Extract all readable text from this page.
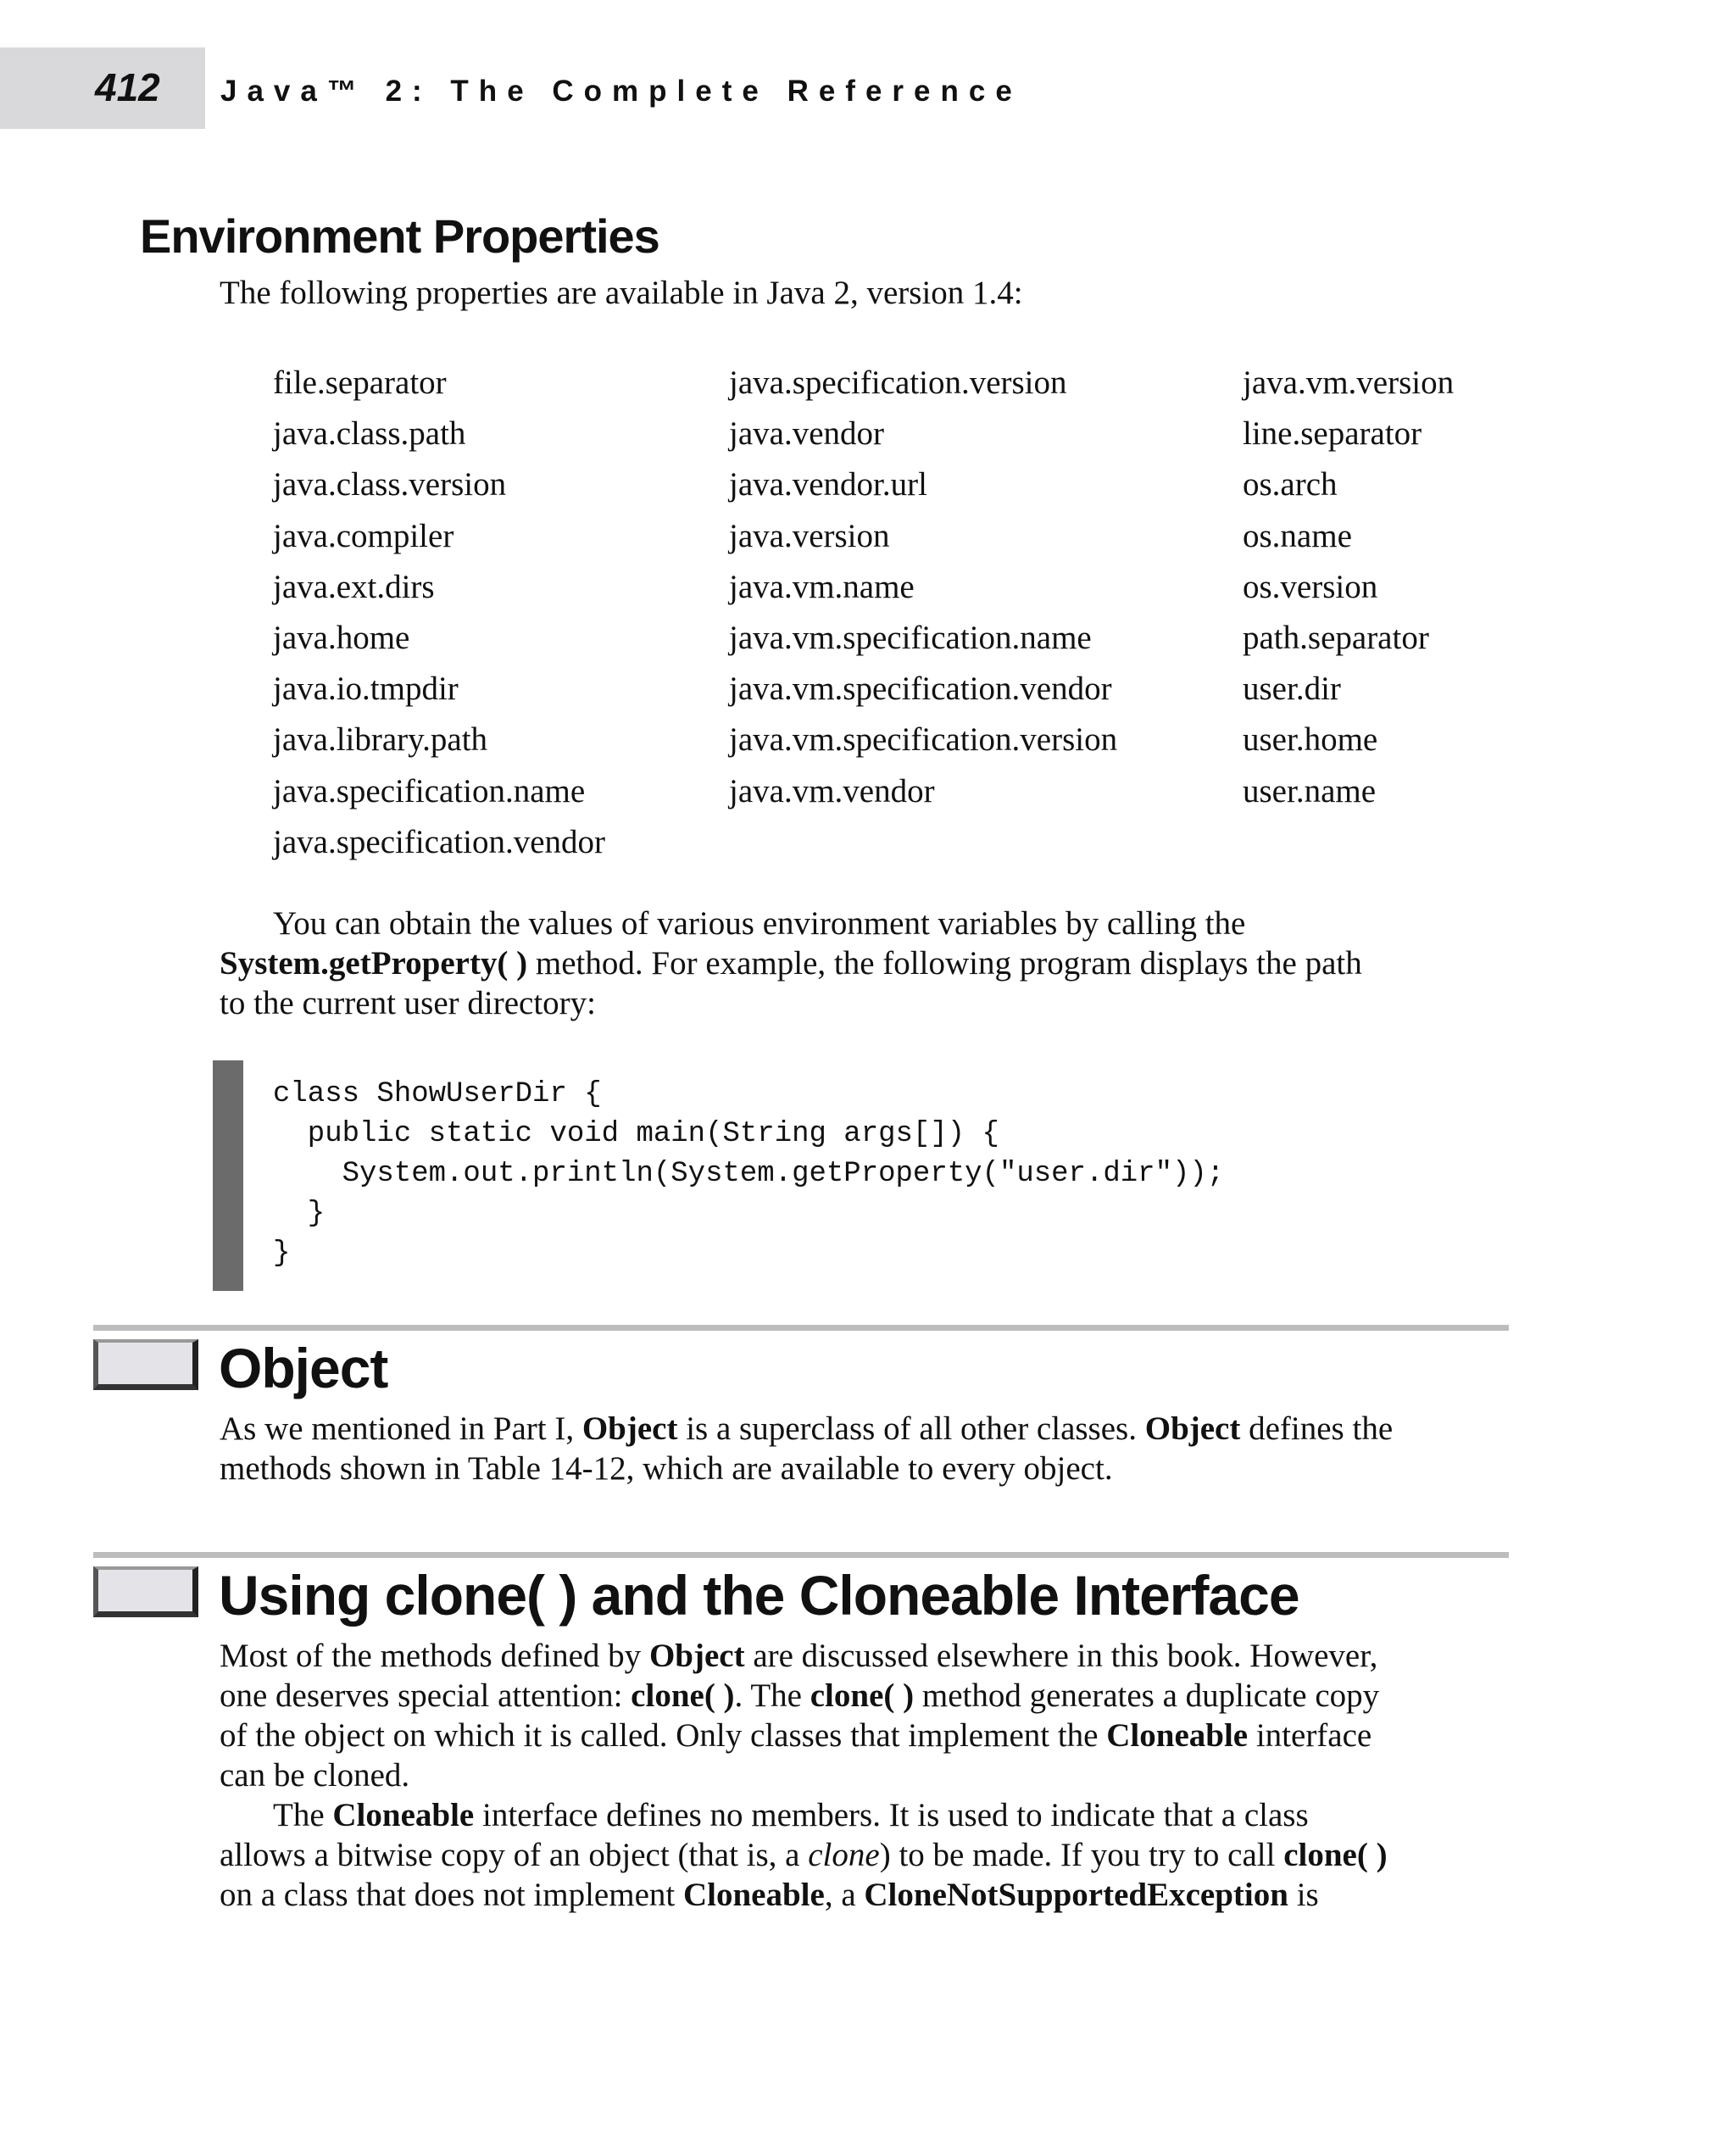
412 Java™ 2: The Complete Reference
Environment Properties
The following properties are available in Java 2, version 1.4:
file.separator
java.class.path
java.class.version
java.compiler
java.ext.dirs
java.home
java.io.tmpdir
java.library.path
java.specification.name
java.specification.vendor
java.specification.version
java.vendor
java.vendor.url
java.version
java.vm.name
java.vm.specification.name
java.vm.specification.vendor
java.vm.specification.version
java.vm.vendor
java.vm.version
line.separator
os.arch
os.name
os.version
path.separator
user.dir
user.home
user.name
You can obtain the values of various environment variables by calling the
System.getProperty( ) method. For example, the following program displays the path
to the current user directory:
class ShowUserDir {
public static void main(String args[]) {
System.out.println(System.getProperty("user.dir"));
}
}
Object
As we mentioned in Part I, Object is a superclass of all other classes. Object defines the
methods shown in Table 14-12, which are available to every object.
Using clone( ) and the Cloneable Interface
Most of the methods defined by Object are discussed elsewhere in this book. However,
one deserves special attention: clone( ). The clone( ) method generates a duplicate copy
of the object on which it is called. Only classes that implement the Cloneable interface
can be cloned.
The Cloneable interface defines no members. It is used to indicate that a class
allows a bitwise copy of an object (that is, a clone) to be made. If you try to call clone( )
on a class that does not implement Cloneable, a CloneNotSupportedException is
